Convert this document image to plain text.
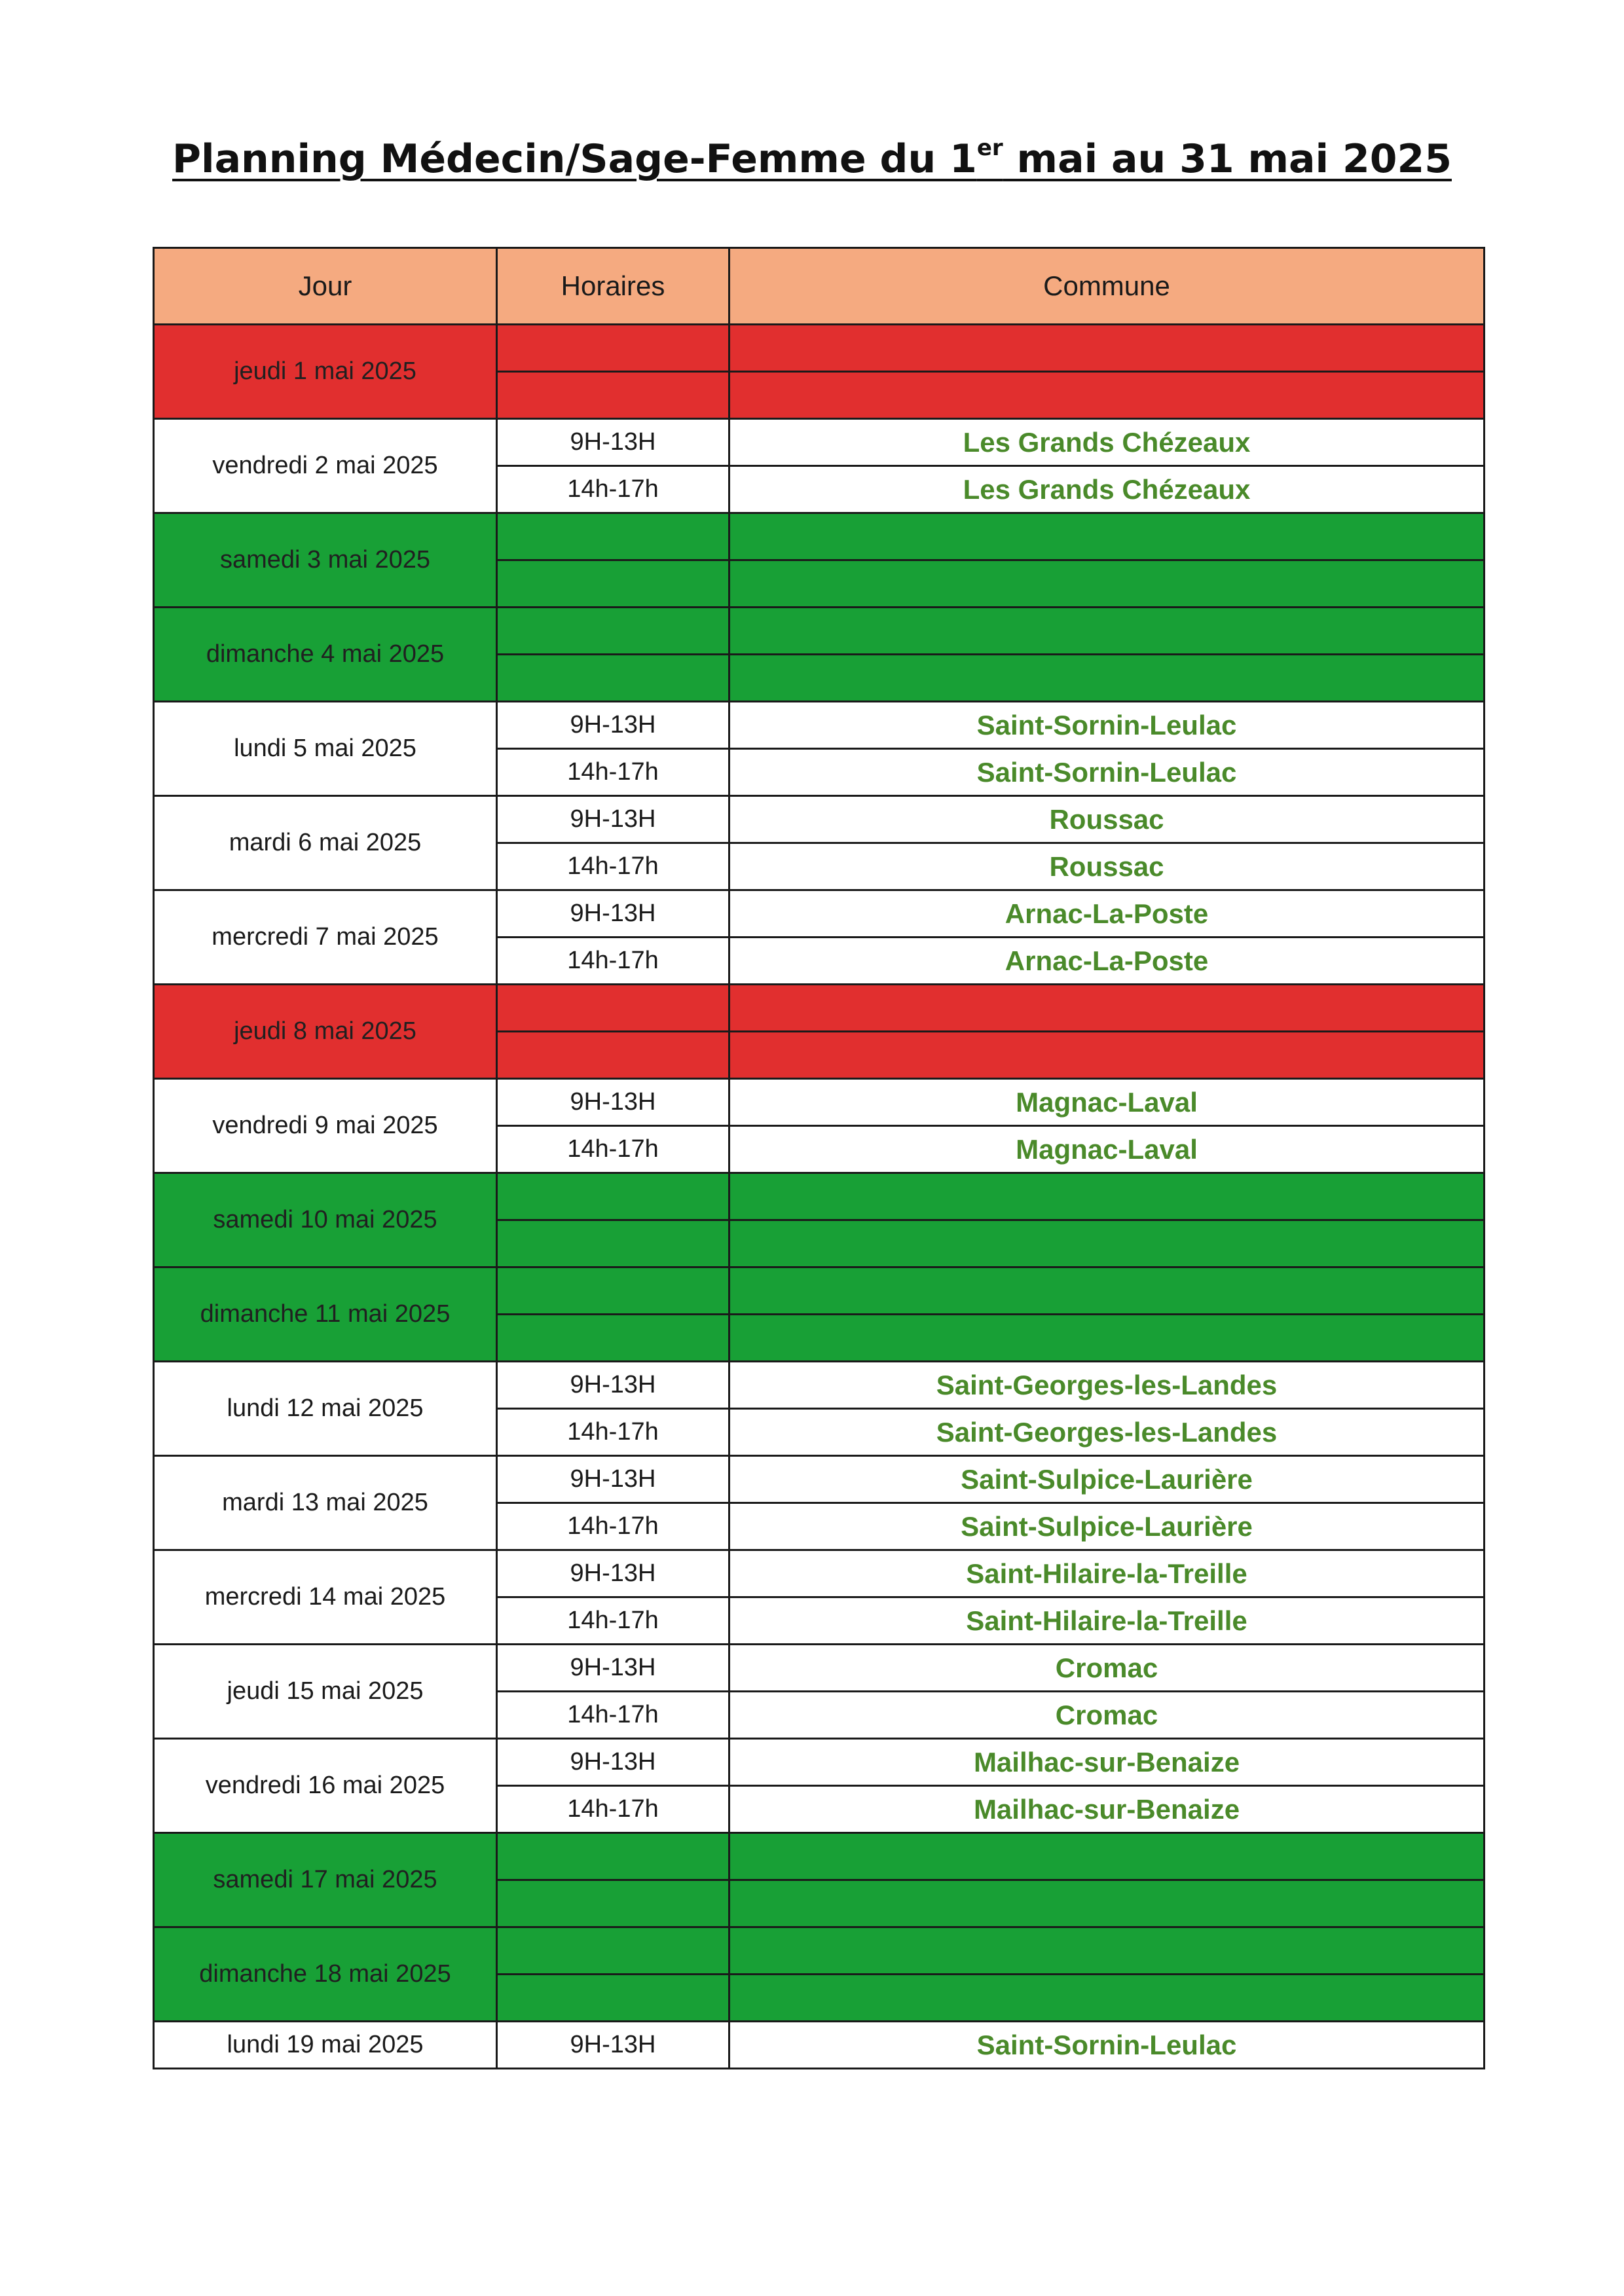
Planning Médecin/Sage-Femme du 1er mai au 31 mai 2025
Jour	Horaires	Commune
jeudi 1 mai 2025		

vendredi 2 mai 2025	9H-13H	Les Grands Chézeaux
	14h-17h	Les Grands Chézeaux
samedi 3 mai 2025		

dimanche 4 mai 2025		

lundi 5 mai 2025	9H-13H	Saint-Sornin-Leulac
	14h-17h	Saint-Sornin-Leulac
mardi 6 mai 2025	9H-13H	Roussac
	14h-17h	Roussac
mercredi 7 mai 2025	9H-13H	Arnac-La-Poste
	14h-17h	Arnac-La-Poste
jeudi 8 mai 2025		

vendredi 9 mai 2025	9H-13H	Magnac-Laval
	14h-17h	Magnac-Laval
samedi 10 mai 2025		

dimanche 11 mai 2025		

lundi 12 mai 2025	9H-13H	Saint-Georges-les-Landes
	14h-17h	Saint-Georges-les-Landes
mardi 13 mai 2025	9H-13H	Saint-Sulpice-Laurière
	14h-17h	Saint-Sulpice-Laurière
mercredi 14 mai 2025	9H-13H	Saint-Hilaire-la-Treille
	14h-17h	Saint-Hilaire-la-Treille
jeudi 15 mai 2025	9H-13H	Cromac
	14h-17h	Cromac
vendredi 16 mai 2025	9H-13H	Mailhac-sur-Benaize
	14h-17h	Mailhac-sur-Benaize
samedi 17 mai 2025		

dimanche 18 mai 2025		

lundi 19 mai 2025	9H-13H	Saint-Sornin-Leulac
